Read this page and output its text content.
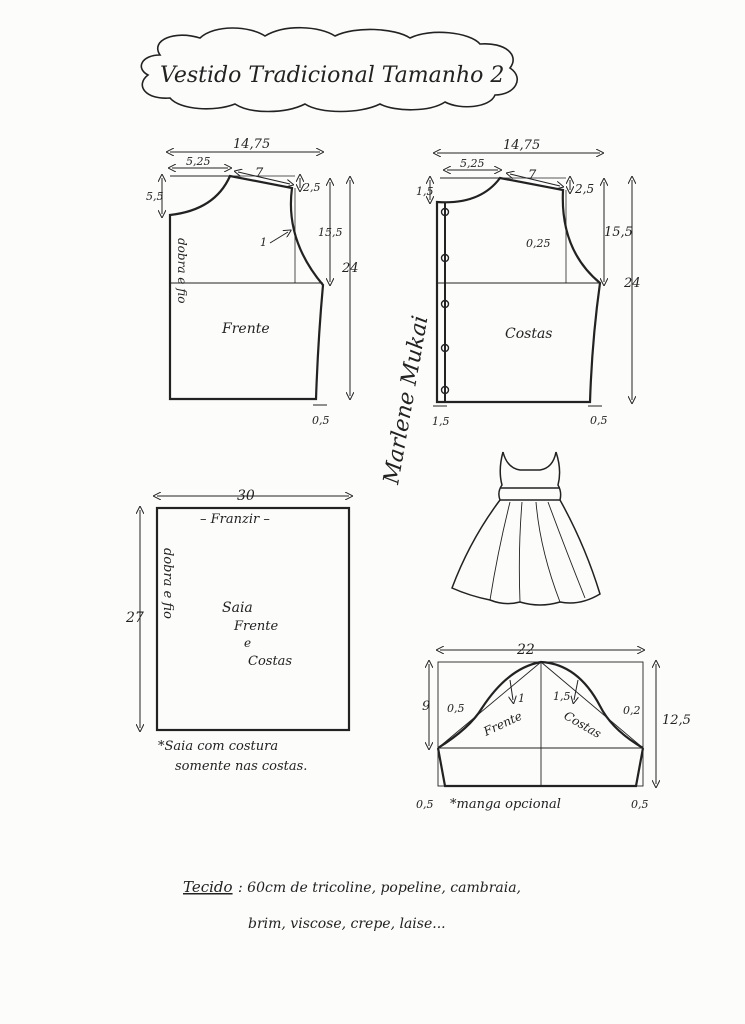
Vestido Tradicional Tamanho 2
14,75
5,25
7
5,5
2,5
15,5
1
24
0,5
dobra e fio
Frente
14,75
5,25
7
1,5	2,5
15,5
0,25
24
0,5
1,5
Costas
Marlene Mukai
30
– Franzir –
27 dobra e fio	Saia
Frente
e
Costas
*Saia com costura
somente nas costas.
22
9
12,5
0,5
1	1,5
0,2
Frente	Costas
0,5	0,5
*manga opcional
Tecido : 60cm de tricoline, popeline, cambraia,
brim, viscose, crepe, laise...
